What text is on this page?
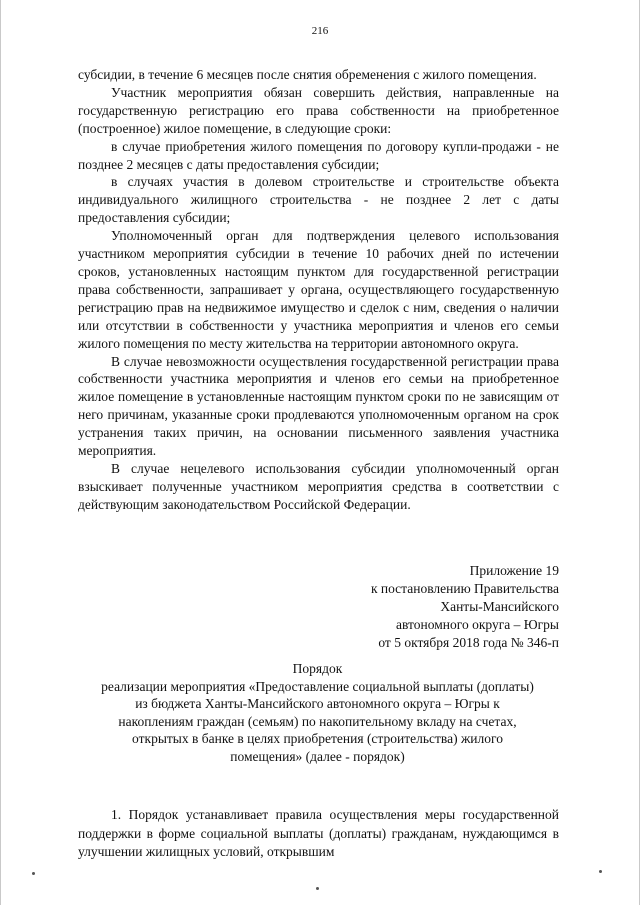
216

субсидии, в течение 6 месяцев после снятия обременения с жилого помещения.

Участник мероприятия обязан совершить действия, направленные на государственную регистрацию его права собственности на приобретенное (построенное) жилое помещение, в следующие сроки:

в случае приобретения жилого помещения по договору купли-продажи - не позднее 2 месяцев с даты предоставления субсидии;

в случаях участия в долевом строительстве и строительстве объекта индивидуального жилищного строительства - не позднее 2 лет с даты предоставления субсидии;

Уполномоченный орган для подтверждения целевого использования участником мероприятия субсидии в течение 10 рабочих дней по истечении сроков, установленных настоящим пунктом для государственной регистрации права собственности, запрашивает у органа, осуществляющего государственную регистрацию прав на недвижимое имущество и сделок с ним, сведения о наличии или отсутствии в собственности у участника мероприятия и членов его семьи жилого помещения по месту жительства на территории автономного округа.

В случае невозможности осуществления государственной регистрации права собственности участника мероприятия и членов его семьи на приобретенное жилое помещение в установленные настоящим пунктом сроки по не зависящим от него причинам, указанные сроки продлеваются уполномоченным органом на срок устранения таких причин, на основании письменного заявления участника мероприятия.

В случае нецелевого использования субсидии уполномоченный орган взыскивает полученные участником мероприятия средства в соответствии с действующим законодательством Российской Федерации.

Приложение 19
к постановлению Правительства
Ханты-Мансийского
автономного округа – Югры
от 5 октября 2018 года № 346-п
Порядок
реализации мероприятия «Предоставление социальной выплаты (доплаты)
из бюджета Ханты-Мансийского автономного округа – Югры к
накоплениям граждан (семьям) по накопительному вкладу на счетах,
открытых в банке в целях приобретения (строительства) жилого
помещения» (далее - порядок)

1. Порядок устанавливает правила осуществления меры государственной поддержки в форме социальной выплаты (доплаты) гражданам, нуждающимся в улучшении жилищных условий, открывшим
